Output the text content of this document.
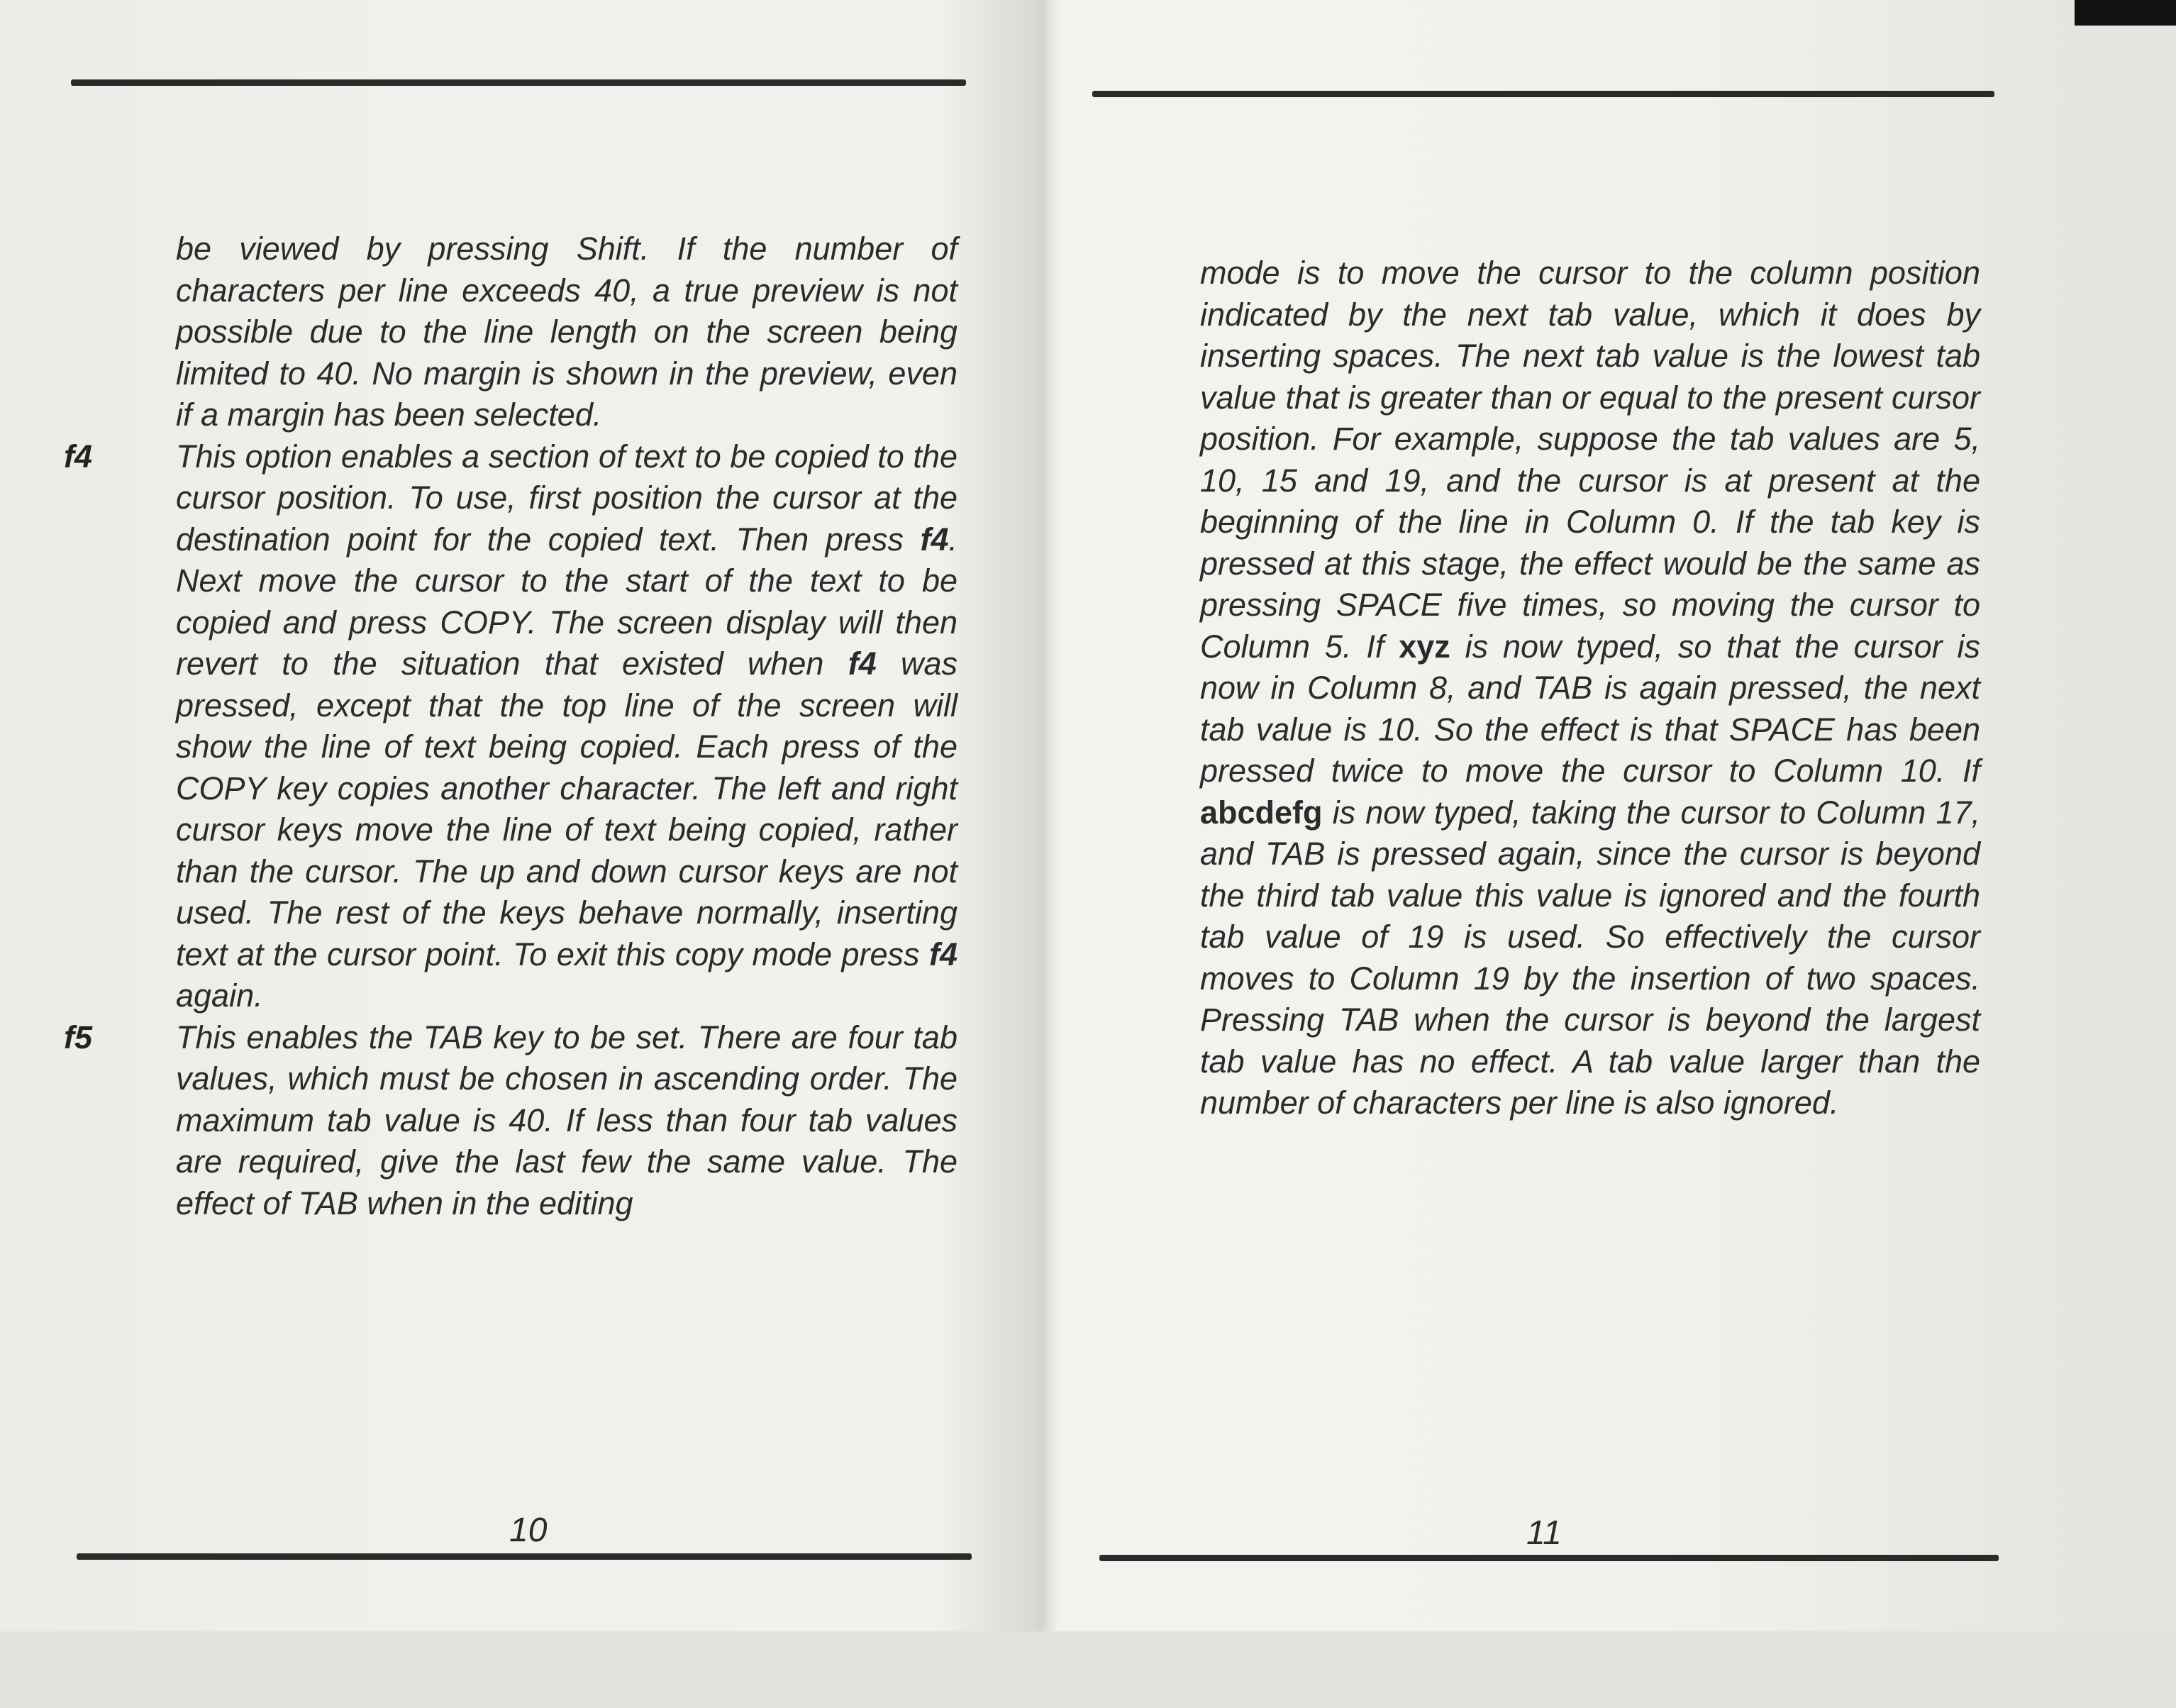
be viewed by pressing Shift. If the number of characters per line exceeds 40, a true preview is not possible due to the line length on the screen being limited to 40. No margin is shown in the preview, even if a margin has been selected.

f4	This option enables a section of text to be copied to the cursor position. To use, first position the cursor at the destination point for the copied text. Then press f4. Next move the cursor to the start of the text to be copied and press COPY. The screen display will then revert to the situation that existed when f4 was pressed, except that the top line of the screen will show the line of text being copied. Each press of the COPY key copies another character. The left and right cursor keys move the line of text being copied, rather than the cursor. The up and down cursor keys are not used. The rest of the keys behave normally, inserting text at the cursor point. To exit this copy mode press f4 again.

f5	This enables the TAB key to be set. There are four tab values, which must be chosen in ascending order. The maximum tab value is 40. If less than four tab values are required, give the last few the same value. The effect of TAB when in the editing

10

mode is to move the cursor to the column position indicated by the next tab value, which it does by inserting spaces. The next tab value is the lowest tab value that is greater than or equal to the present cursor position. For example, suppose the tab values are 5, 10, 15 and 19, and the cursor is at present at the beginning of the line in Column 0. If the tab key is pressed at this stage, the effect would be the same as pressing SPACE five times, so moving the cursor to Column 5. If xyz is now typed, so that the cursor is now in Column 8, and TAB is again pressed, the next tab value is 10. So the effect is that SPACE has been pressed twice to move the cursor to Column 10. If abcdefg is now typed, taking the cursor to Column 17, and TAB is pressed again, since the cursor is beyond the third tab value this value is ignored and the fourth tab value of 19 is used. So effectively the cursor moves to Column 19 by the insertion of two spaces. Pressing TAB when the cursor is beyond the largest tab value has no effect. A tab value larger than the number of characters per line is also ignored.

11
